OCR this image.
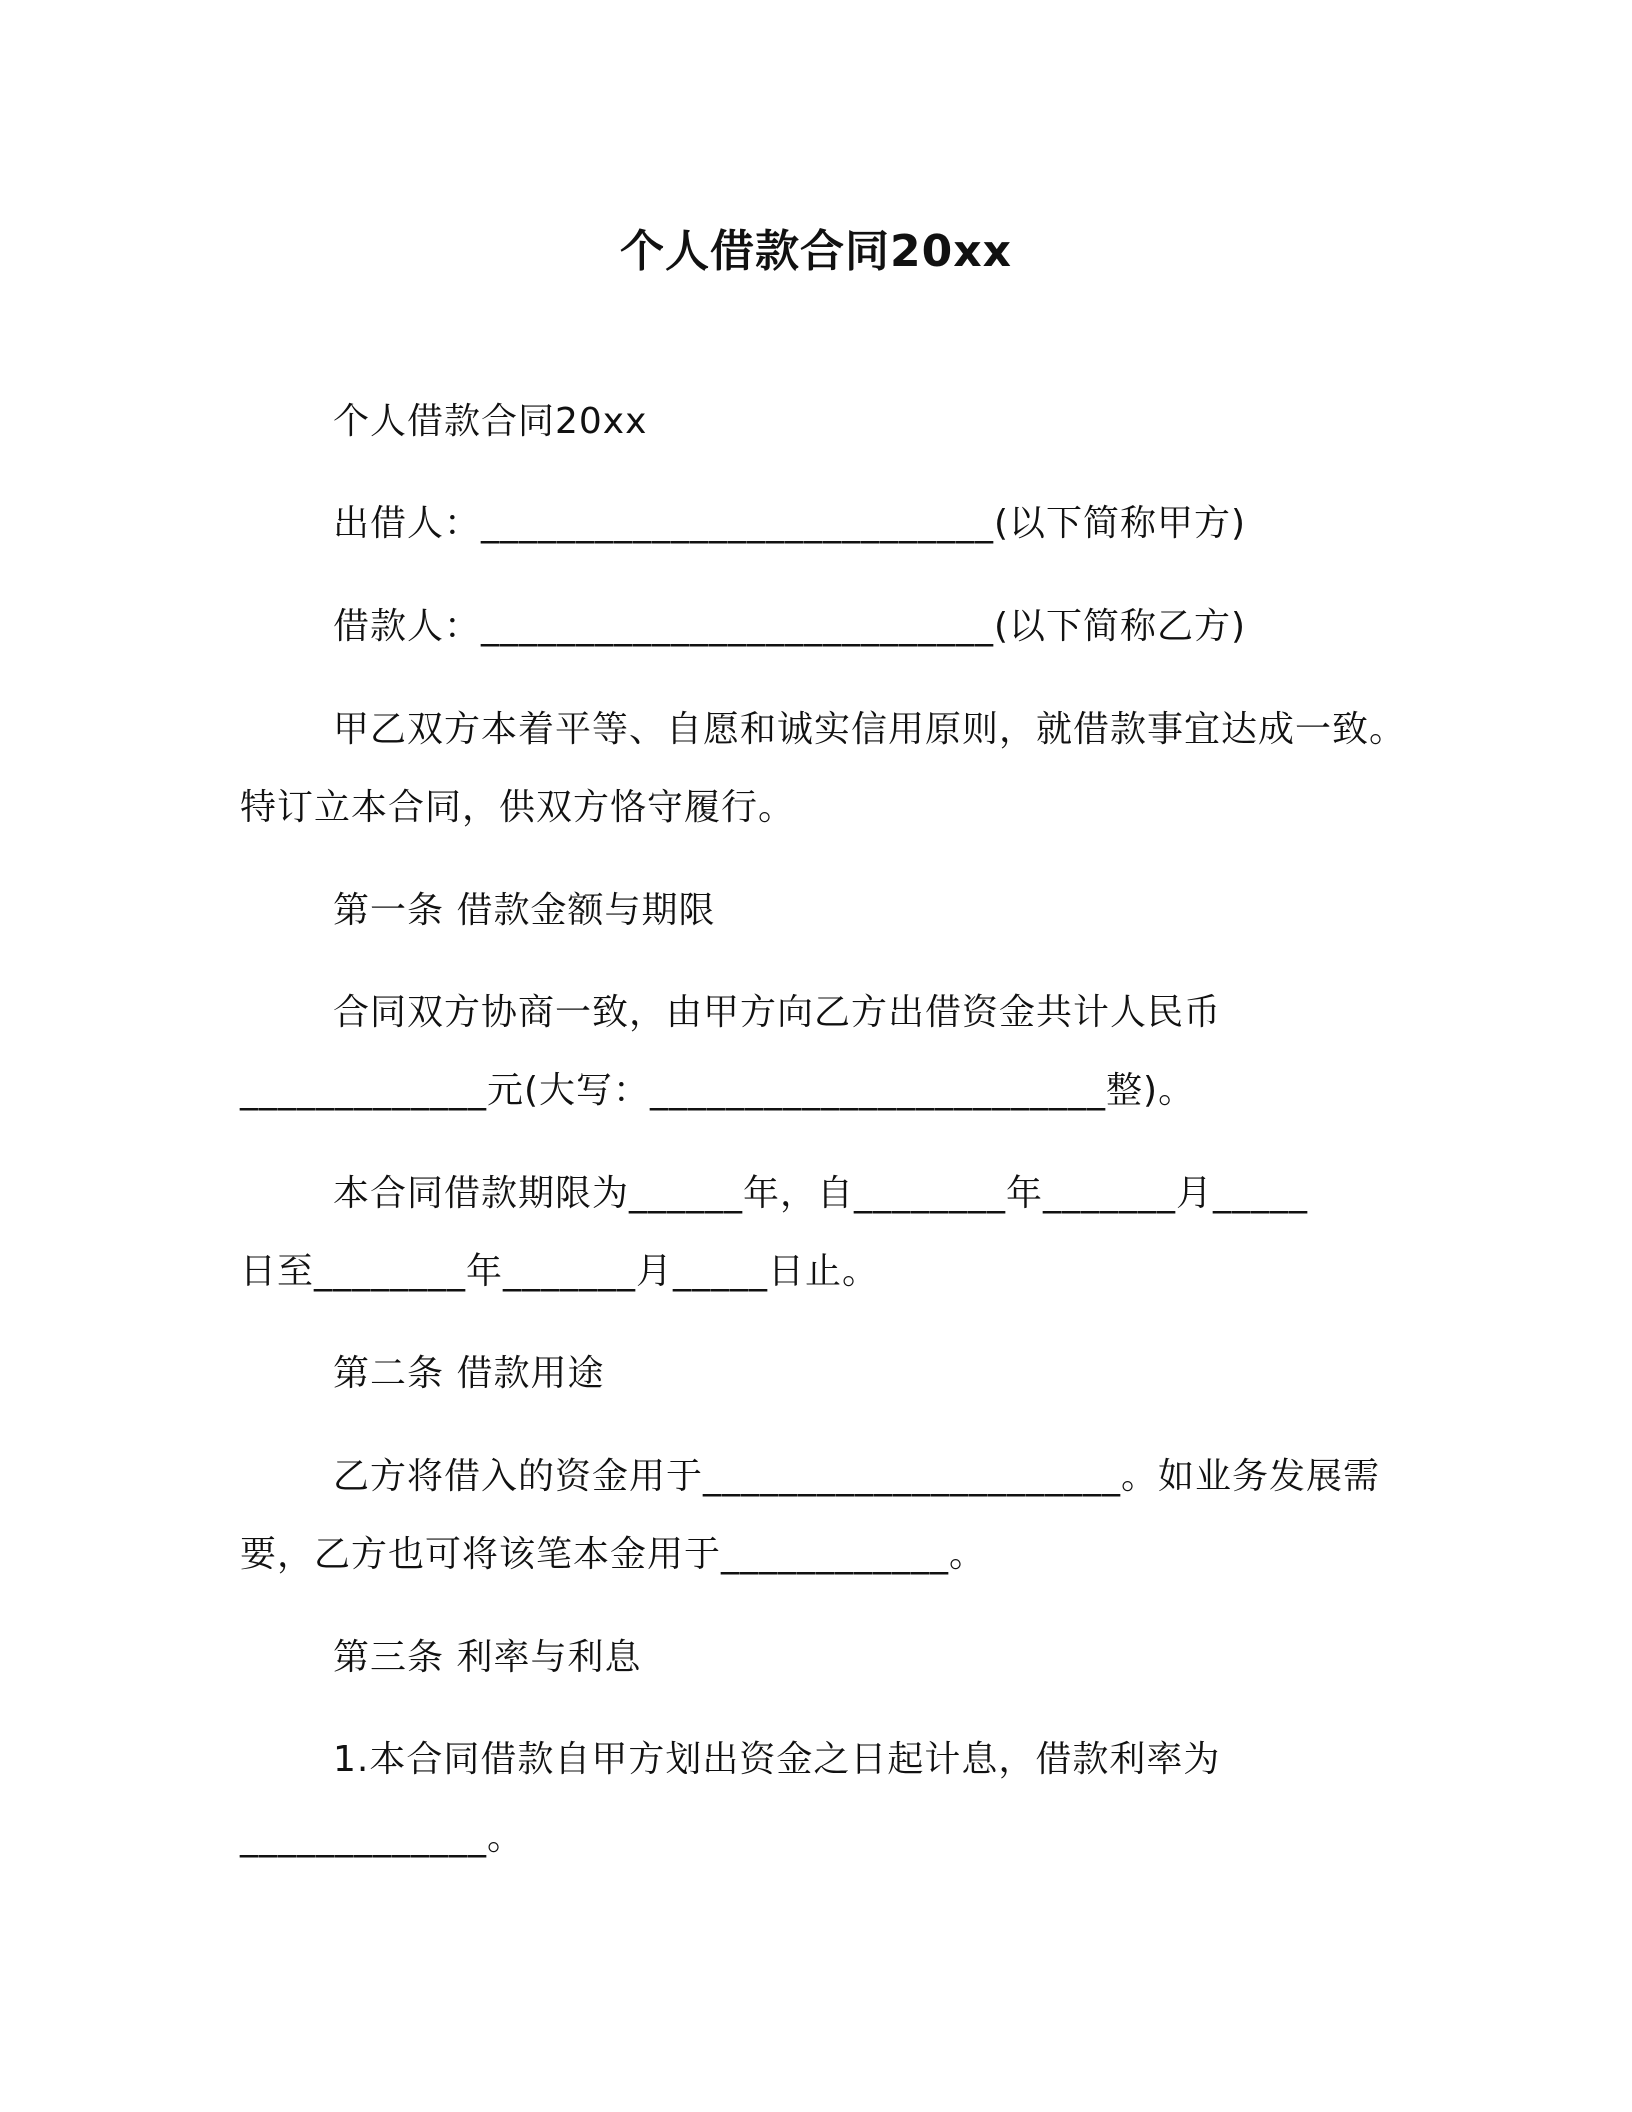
个人借款合同20xx
个人借款合同20xx
出借人：___________________________(以下简称甲方)
借款人：___________________________(以下简称乙方)
甲乙双方本着平等、自愿和诚实信用原则，就借款事宜达成一致。
特订立本合同，供双方恪守履行。
第一条 借款金额与期限
合同双方协商一致，由甲方向乙方出借资金共计人民币
_____________元(大写：________________________整)。
本合同借款期限为______年，自________年_______月_____
日至________年_______月_____日止。
第二条 借款用途
乙方将借入的资金用于______________________。如业务发展需
要，乙方也可将该笔本金用于____________。
第三条 利率与利息
1.本合同借款自甲方划出资金之日起计息，借款利率为
_____________。
